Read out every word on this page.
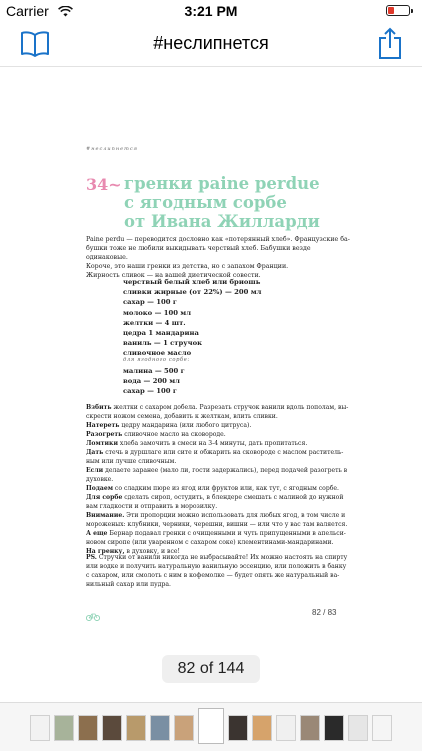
Carrier	3:21 PM
#неслипнется
#неслипнется
34~ гренки paine perdue
с ягодным сорбе
от Ивана Жилларди
Paine perdu — переводится дословно как «потерянный хлеб». Французские ба-
бушки тоже не любили выкидывать черствый хлеб. Бабушки везде одинаковые.
Короче, это наши гренки из детства, но с запахом Франции.
Жирность сливок — на вашей диетической совести.
черствый белый хлеб или бриошь
сливки жирные (от 22%) — 200 мл
сахар — 100 г
молоко — 100 мл
желтки — 4 шт.
цедра 1 мандарина
ваниль — 1 стручок
сливочное масло
для ягодного сорбе:
малина — 500 г
вода — 200 мл
сахар — 100 г
Взбить желтки с сахаром добела. Разрезать стручок ванили вдоль пополам, вы-
скрести ножом семена, добавить к желткам, влить сливки.
Натереть цедру мандарина (или любого цитруса).
Разогреть сливочное масло на сковороде.
Ломтики хлеба замочить в смеси на 3-4 минуты, дать пропитаться.
Дать стечь в дуршлаге или сите и обжарить на сковороде с маслом раститель-
ным или лучше сливочным.
Если делаете заранее (мало ли, гости задержались), перед подачей разогреть в
духовке.
Подаем со сладким пюре из ягод или фруктов или, как тут, с ягодным сорбе.
Для сорбе сделать сироп, остудить, в блендере смешать с малиной до нужной
вам гладкости и отправить в морозилку.
Внимание. Эти пропорции можно использовать для любых ягод, в том числе и
мороженых: клубники, черники, черешни, вишни — или что у вас там валяется.
А еще Бернар подавал гренки с очищенными и чуть припущенными в апельси-
новом сиропе (или уваренном с сахаром соке) клементинами-мандаринами.
На гренку, в духовку, и все!
PS. Стручки от ванили никогда не выбрасывайте! Их можно настоять на спирту
или водке и получить натуральную ванильную эссенцию, или положить в банку
с сахаром, или смолоть с ним в кофемолке — будет опять же натуральный ва-
нильный сахар или пудра.
82 / 83
82 of 144
